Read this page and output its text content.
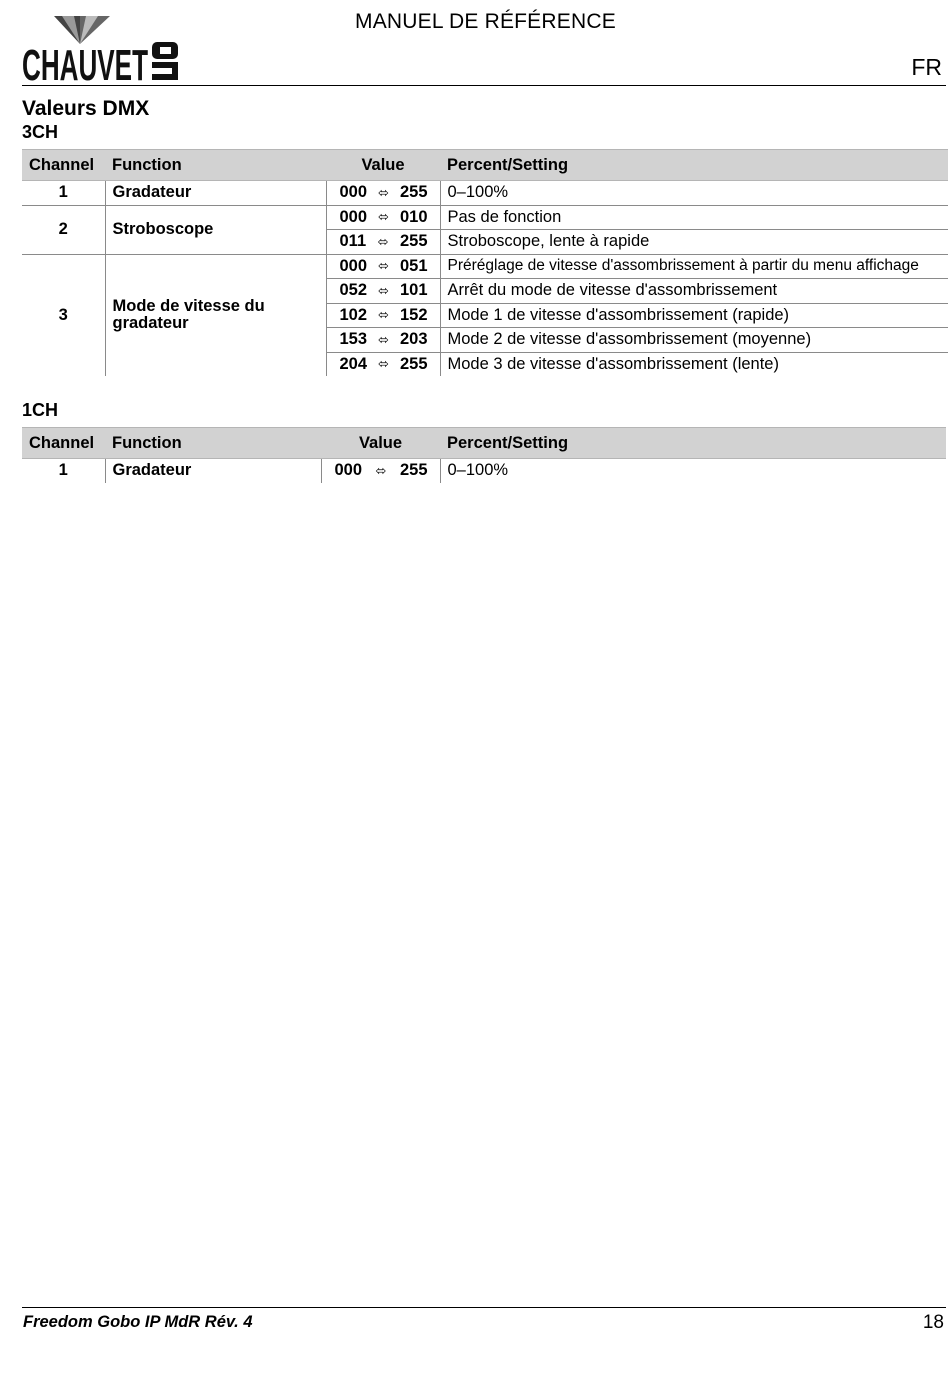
CHAUVET
MANUEL DE RÉFÉRENCE
FR
Valeurs DMX
3CH
Channel	Function	Value	Percent/Setting
1	Gradateur	000 ⬄ 255	0–100%
2	Stroboscope	000 ⬄ 010	Pas de fonction

		011 ⬄ 255	Stroboscope, lente à rapide
3	Mode de vitesse du gradateur	000 ⬄ 051	Préréglage de vitesse d'assombrissement à partir du menu affichage

		052 ⬄ 101	Arrêt du mode de vitesse d'assombrissement

		102 ⬄ 152	Mode 1 de vitesse d'assombrissement (rapide)

		153 ⬄ 203	Mode 2 de vitesse d'assombrissement (moyenne)

		204 ⬄ 255	Mode 3 de vitesse d'assombrissement (lente)
1CH
Channel	Function	Value	Percent/Setting
1	Gradateur	000 ⬄ 255	0–100%
Freedom Gobo IP MdR Rév. 4	18
